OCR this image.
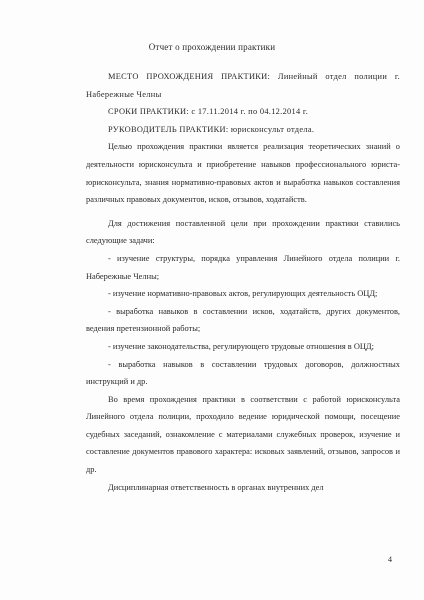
Отчет о прохождении практики

МЕСТО ПРОХОЖДЕНИЯ ПРАКТИКИ: Линейный отдел полиции г. Набережные Челны

СРОКИ ПРАКТИКИ: с 17.11.2014 г. по 04.12.2014 г.

РУКОВОДИТЕЛЬ ПРАКТИКИ: юрисконсульт отдела.

Целью прохождения практики является реализация теоретических знаний о деятельности юрисконсульта и приобретение навыков профессионального юриста-юрисконсульта, знания нормативно-правовых актов и выработка навыков составления различных правовых документов, исков, отзывов, ходатайств.

Для достижения поставленной цели при прохождении практики ставились следующие задачи:

- изучение структуры, порядка управления Линейного отдела полиции г. Набережные Челны;

- изучение нормативно-правовых актов, регулирующих деятельность ОЦД;

- выработка навыков в составлении исков, ходатайств, других документов, ведения претензионной работы;

- изучение законодательства, регулирующего трудовые отношения в ОЦД;

- выработка навыков в составлении трудовых договоров, должностных инструкций и др.

Во время прохождения практики в соответствии с работой юрисконсульта Линейного отдела полиции, проходило ведение юридической помощи, посещение судебных заседаний, ознакомление с материалами служебных проверок, изучение и составление документов правового характера: исковых заявлений, отзывов, запросов и др.

Дисциплинарная ответственность в органах внутренних дел

4
